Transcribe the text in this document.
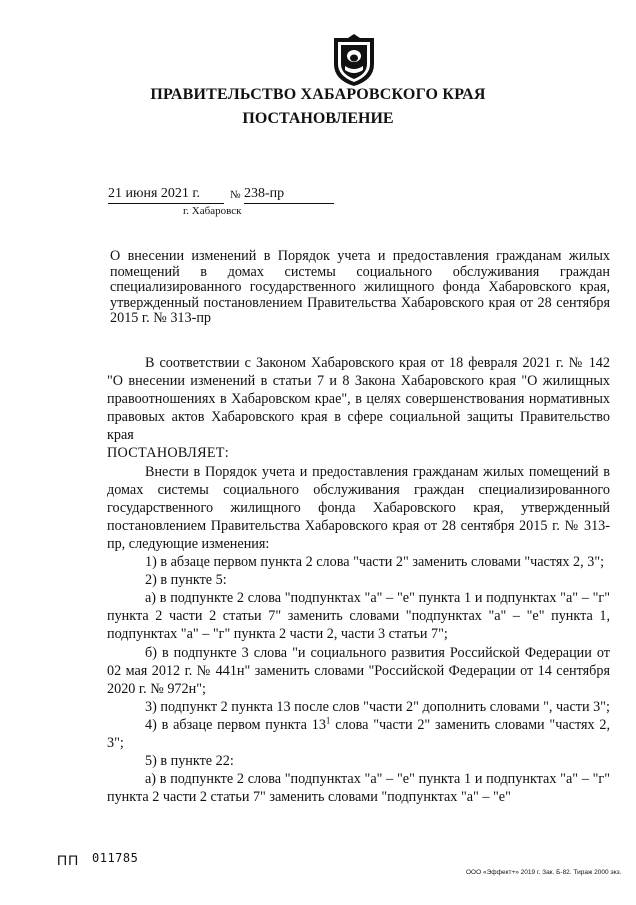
ПРАВИТЕЛЬСТВО ХАБАРОВСКОГО КРАЯ
ПОСТАНОВЛЕНИЕ
21 июня 2021 г.	№ 238-пр
г. Хабаровск
О внесении изменений в Порядок учета и предоставления гражданам жилых помещений в домах системы социального обслуживания граждан специализированного государственного жилищного фонда Хабаровского края, утвержденный постановлением Правительства Хабаровского края от 28 сентября 2015 г. № 313-пр

В соответствии с Законом Хабаровского края от 18 февраля 2021 г. № 142 "О внесении изменений в статьи 7 и 8 Закона Хабаровского края "О жилищных правоотношениях в Хабаровском крае", в целях совершенствования нормативных правовых актов Хабаровского края в сфере социальной защиты Правительство края

ПОСТАНОВЛЯЕТ:

Внести в Порядок учета и предоставления гражданам жилых помещений в домах системы социального обслуживания граждан специализированного государственного жилищного фонда Хабаровского края, утвержденный постановлением Правительства Хабаровского края от 28 сентября 2015 г. № 313-пр, следующие изменения:

1) в абзаце первом пункта 2 слова "части 2" заменить словами "частях 2, 3";

2) в пункте 5:

а) в подпункте 2 слова "подпунктах "а" – "е" пункта 1 и подпунктах "а" – "г" пункта 2 части 2 статьи 7" заменить словами "подпунктах "а" – "е" пункта 1, подпунктах "а" – "г" пункта 2 части 2, части 3 статьи 7";

б) в подпункте 3 слова "и социального развития Российской Федерации от 02 мая 2012 г. № 441н" заменить словами "Российской Федерации от 14 сентября 2020 г. № 972н";

3) подпункт 2 пункта 13 после слов "части 2" дополнить словами ", части 3";

4) в абзаце первом пункта $13^1$ слова "части 2" заменить словами "частях 2, 3";

5) в пункте 22:

а) в подпункте 2 слова "подпунктах "а" – "е" пункта 1 и подпунктах "а" – "г" пункта 2 части 2 статьи 7" заменить словами "подпунктах "а" – "е"

ПП 011785
ООО «Эффект+» 2019 г. Зак. Б-82. Тираж 2000 экз.
